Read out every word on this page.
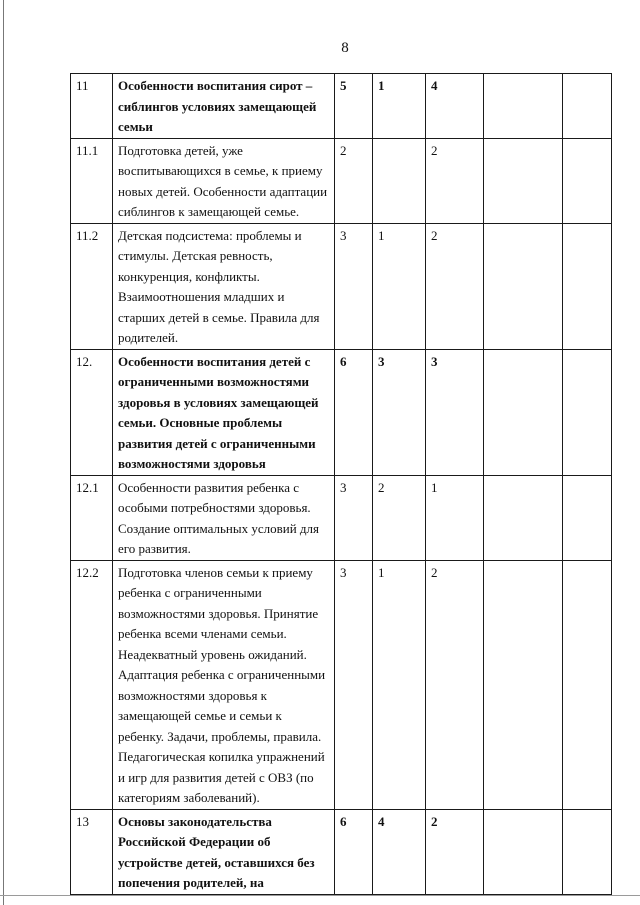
8
11	Особенности воспитания сирот – сиблингов условиях замещающей семьи	5	1	4		
11.1	Подготовка детей, уже воспитывающихся в семье, к приему новых детей. Особенности адаптации сиблингов к замещающей семье.	2		2		
11.2	Детская подсистема: проблемы и стимулы. Детская ревность, конкуренция, конфликты. Взаимоотношения младших и старших детей в семье. Правила для родителей.	3	1	2		
12.	Особенности воспитания детей с ограниченными возможностями здоровья в условиях замещающей семьи. Основные проблемы развития детей с ограниченными возможностями здоровья	6	3	3		
12.1	Особенности развития ребенка с особыми потребностями здоровья. Создание оптимальных условий для его развития.	3	2	1		
12.2	Подготовка членов семьи к приему ребенка с ограниченными возможностями здоровья. Принятие ребенка всеми членами семьи. Неадекватный уровень ожиданий. Адаптация ребенка с ограниченными возможностями здоровья к замещающей семье и семьи к ребенку. Задачи, проблемы, правила. Педагогическая копилка упражнений и игр для развития детей с ОВЗ (по категориям заболеваний).	3	1	2		
13	Основы законодательства Российской Федерации об устройстве детей, оставшихся без попечения родителей, на	6	4	2		
